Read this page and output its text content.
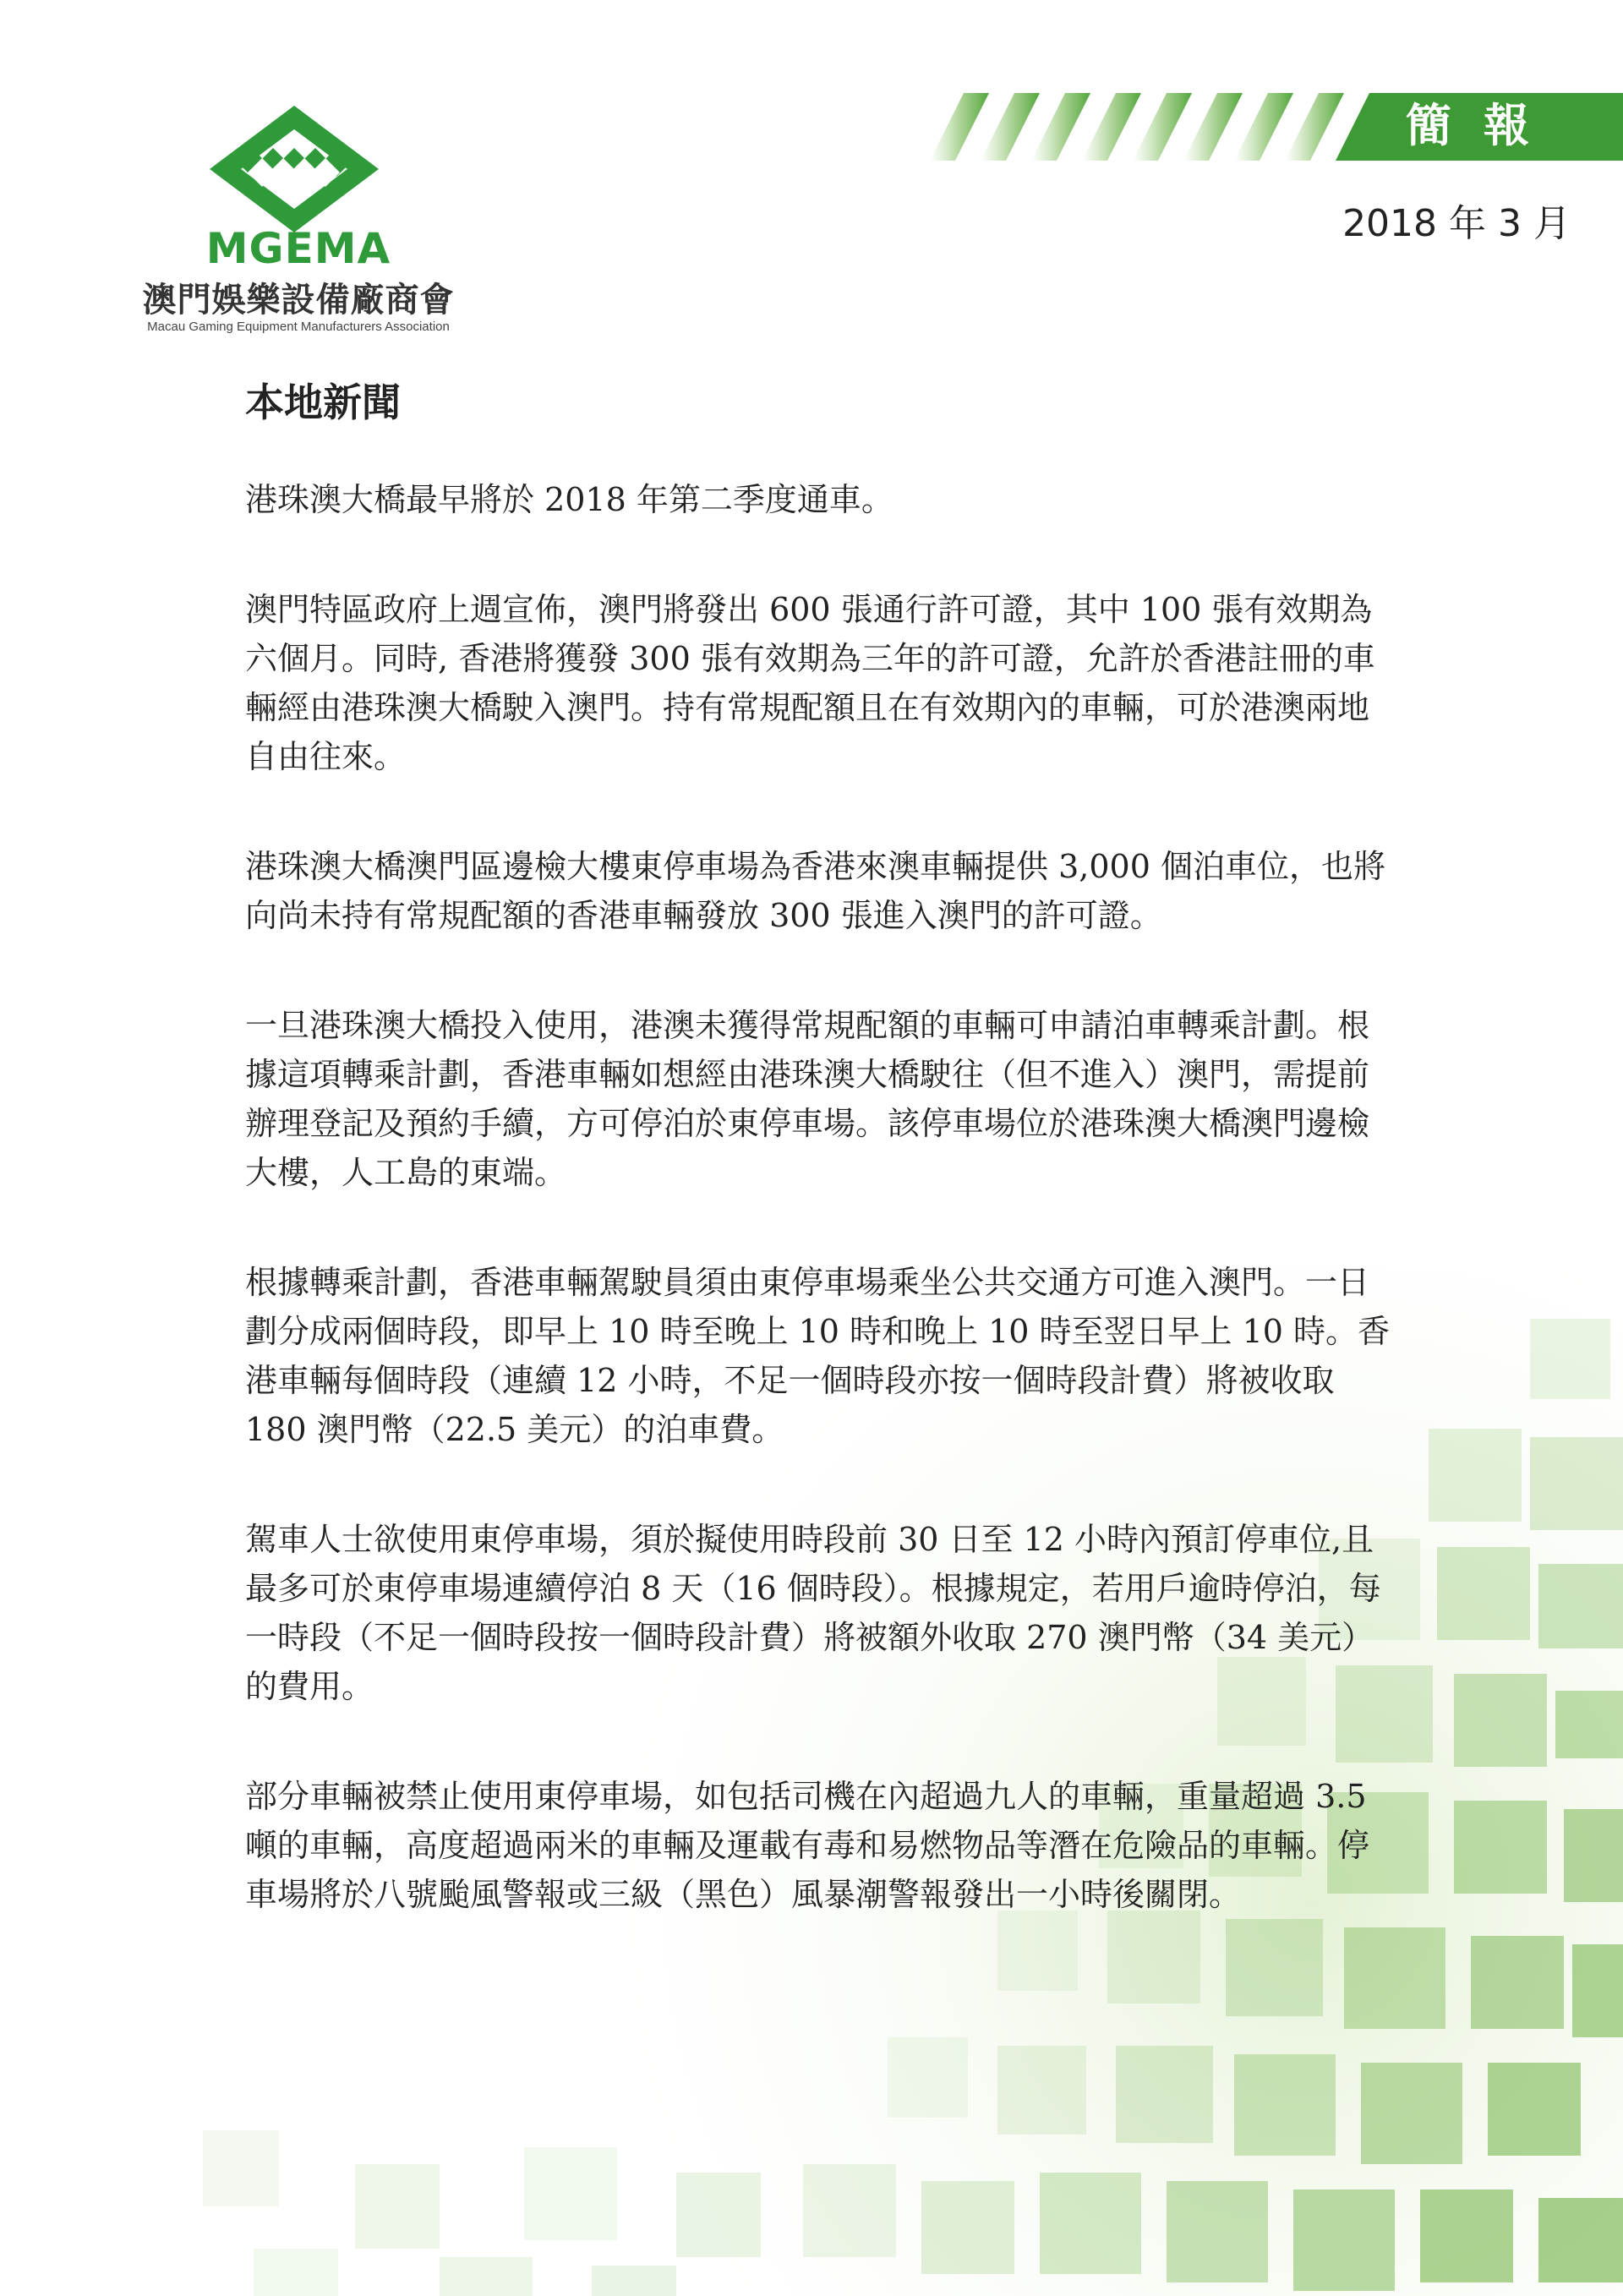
MGEMA
澳門娛樂設備廠商會
Macau Gaming Equipment Manufacturers Association
簡報
2018 年 3 月
本地新聞

港珠澳大橋最早將於 2018 年第二季度通車。

澳門特區政府上週宣佈，澳門將發出 600 張通行許可證，其中 100 張有效期為六個月。同時, 香港將獲發 300 張有效期為三年的許可證，允許於香港註冊的車輛經由港珠澳大橋駛入澳門。持有常規配額且在有效期內的車輛，可於港澳兩地自由往來。

港珠澳大橋澳門區邊檢大樓東停車場為香港來澳車輛提供 3,000 個泊車位，也將向尚未持有常規配額的香港車輛發放 300 張進入澳門的許可證。

一旦港珠澳大橋投入使用，港澳未獲得常規配額的車輛可申請泊車轉乘計劃。根據這項轉乘計劃，香港車輛如想經由港珠澳大橋駛往（但不進入）澳門，需提前辦理登記及預約手續，方可停泊於東停車場。該停車場位於港珠澳大橋澳門邊檢大樓，人工島的東端。

根據轉乘計劃，香港車輛駕駛員須由東停車場乘坐公共交通方可進入澳門。一日劃分成兩個時段，即早上 10 時至晚上 10 時和晚上 10 時至翌日早上 10 時。香港車輛每個時段（連續 12 小時，不足一個時段亦按一個時段計費）將被收取 180 澳門幣（22.5 美元）的泊車費。

駕車人士欲使用東停車場，須於擬使用時段前 30 日至 12 小時內預訂停車位,且最多可於東停車場連續停泊 8 天（16 個時段）。根據規定，若用戶逾時停泊，每一時段（不足一個時段按一個時段計費）將被額外收取 270 澳門幣（34 美元）的費用。

部分車輛被禁止使用東停車場，如包括司機在內超過九人的車輛，重量超過 3.5 噸的車輛，高度超過兩米的車輛及運載有毒和易燃物品等潛在危險品的車輛。停車場將於八號颱風警報或三級（黑色）風暴潮警報發出一小時後關閉。
